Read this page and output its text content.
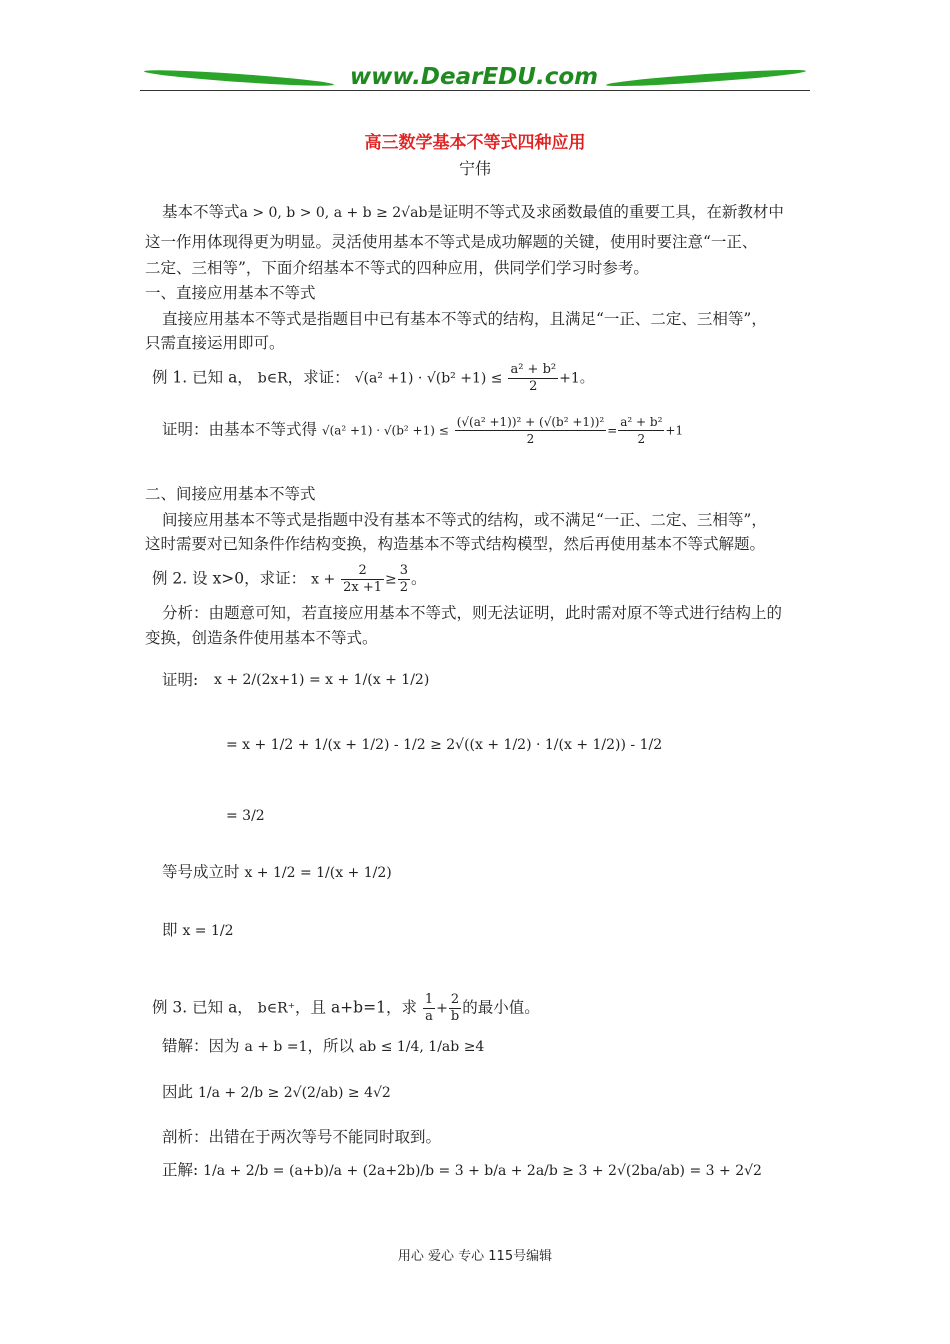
www.DearEDU.com
高三数学基本不等式四种应用
宁伟
基本不等式a > 0, b > 0, a + b ≥ 2√ab是证明不等式及求函数最值的重要工具，在新教材中
这一作用体现得更为明显。灵活使用基本不等式是成功解题的关键，使用时要注意“一正、
二定、三相等”，下面介绍基本不等式的四种应用，供同学们学习时参考。
一、直接应用基本不等式
直接应用基本不等式是指题目中已有基本不等式的结构，且满足“一正、二定、三相等”，
只需直接运用即可。
例 1. 已知 a， b∈R，求证： $√(a^2 +1) \cdot √(b^2 +1) \le \frac{\text{a² + b²}}{2} +1$。
证明：由基本不等式得 $√(a^2 +1) \cdot √(b^2 +1) \le \frac{\text{(√(a² +1))² + (√(b² +1))²}}{2} = \frac{\text{a² + b²}}{2} +1$
二、间接应用基本不等式
间接应用基本不等式是指题中没有基本不等式的结构，或不满足“一正、二定、三相等”，
这时需要对已知条件作结构变换，构造基本不等式结构模型，然后再使用基本不等式解题。
例 2. 设 x>0，求证： $x + \frac{2}{2x +1} \ge \frac{3}{2}$ 。
分析：由题意可知，若直接应用基本不等式，则无法证明，此时需对原不等式进行结构上的
变换，创造条件使用基本不等式。
证明: x + 2/(2x+1) = x + 1/(x + 1/2)
= x + 1/2 + 1/(x + 1/2) - 1/2 ≥ 2√((x + 1/2) · 1/(x + 1/2)) - 1/2
= 3/2
等号成立时 x + 1/2 = 1/(x + 1/2)
即 x = 1/2
例 3. 已知 a， b∈R⁺，且 a+b=1，求 $\frac{1}{a} + \frac{2}{b}$ 的最小值。
错解：因为 a + b =1，所以 ab ≤ 1/4, 1/ab ≥4
因此 1/a + 2/b ≥ 2√(2/ab) ≥ 4√2
剖析：出错在于两次等号不能同时取到。
正解: 1/a + 2/b = (a+b)/a + (2a+2b)/b = 3 + b/a + 2a/b ≥ 3 + 2√(2ba/ab) = 3 + 2√2
用心 爱心 专心 115号编辑
